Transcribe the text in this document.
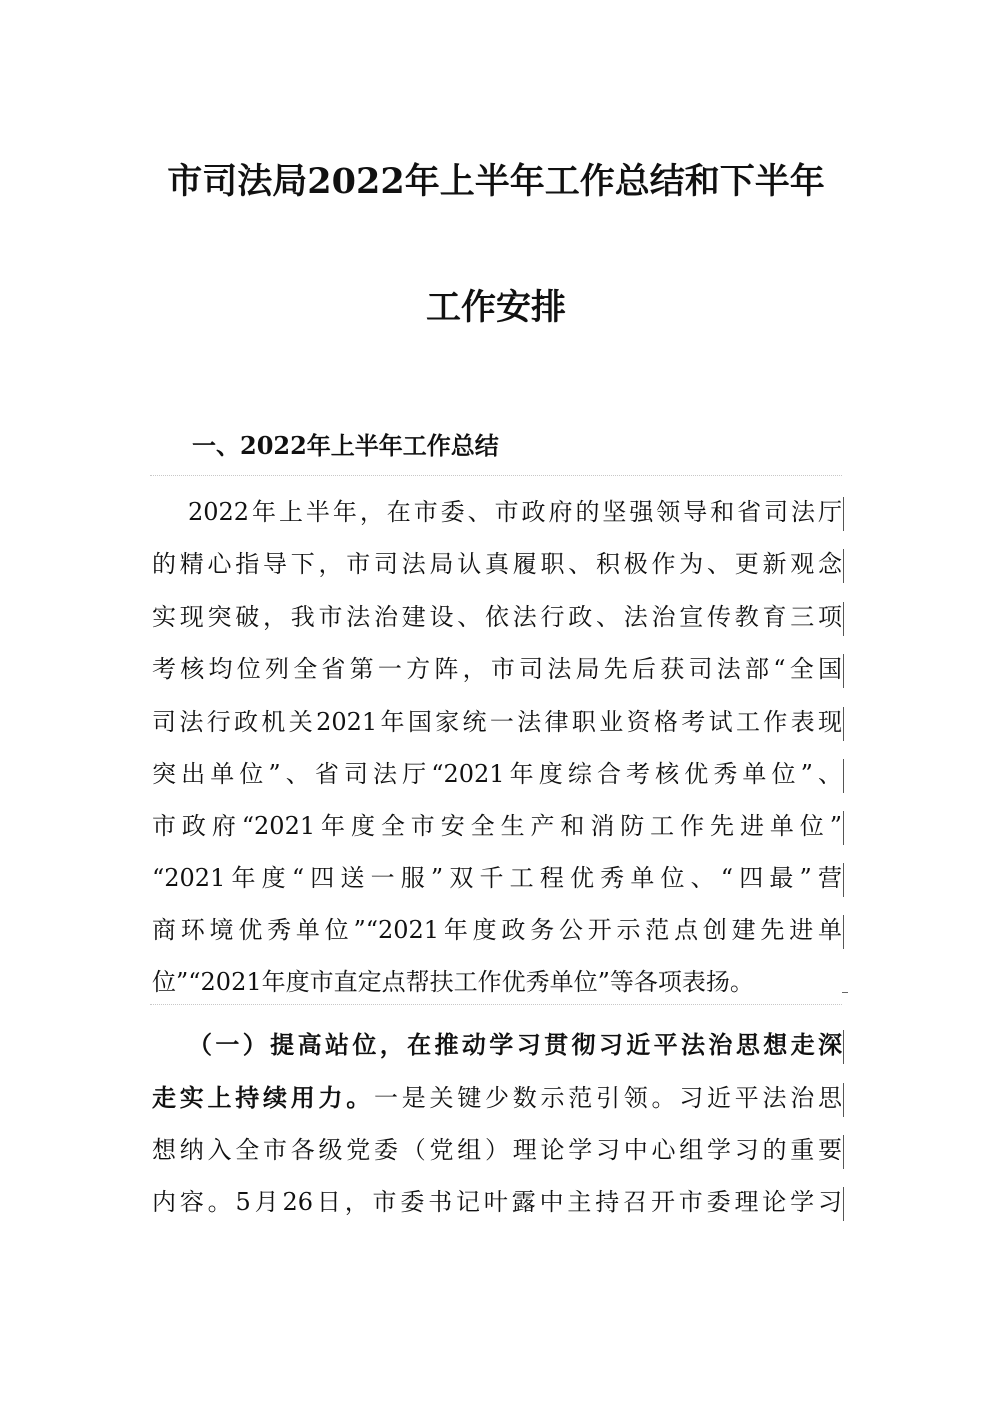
市司法局2022年上半年工作总结和下半年
工作安排
一、2022年上半年工作总结

2022年上半年，在市委、市政府的坚强领导和省司法厅

的精心指导下，市司法局认真履职、积极作为、更新观念

实现突破，我市法治建设、依法行政、法治宣传教育三项

考核均位列全省第一方阵，市司法局先后获司法部“全国

司法行政机关2021年国家统一法律职业资格考试工作表现

突出单位”、省司法厅“2021年度综合考核优秀单位”、

市政府“2021年度全市安全生产和消防工作先进单位”

“2021年度“四送一服”双千工程优秀单位、“四最”营

商环境优秀单位”“2021年度政务公开示范点创建先进单

位”“2021年度市直定点帮扶工作优秀单位”等各项表扬。

（一）提高站位，在推动学习贯彻习近平法治思想走深

走实上持续用力。一是关键少数示范引领。习近平法治思

想纳入全市各级党委（党组）理论学习中心组学习的重要

内容。5月26日，市委书记叶露中主持召开市委理论学习
